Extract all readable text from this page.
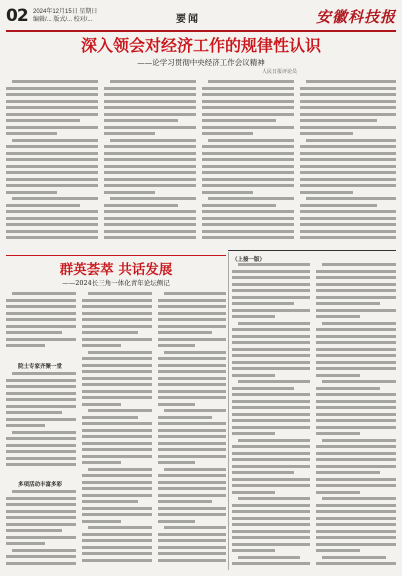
02 2024年12月15日 星期日
编辑/... 版式/... 校对/...	要闻	安徽科技报
深入领会对经济工作的规律性认识
——论学习贯彻中央经济工作会议精神
人民日报评论员
群英荟萃 共话发展
——2024长三角一体化青年论坛侧记
院士专家齐聚一堂
多项活动丰富多彩
（上接一版）
